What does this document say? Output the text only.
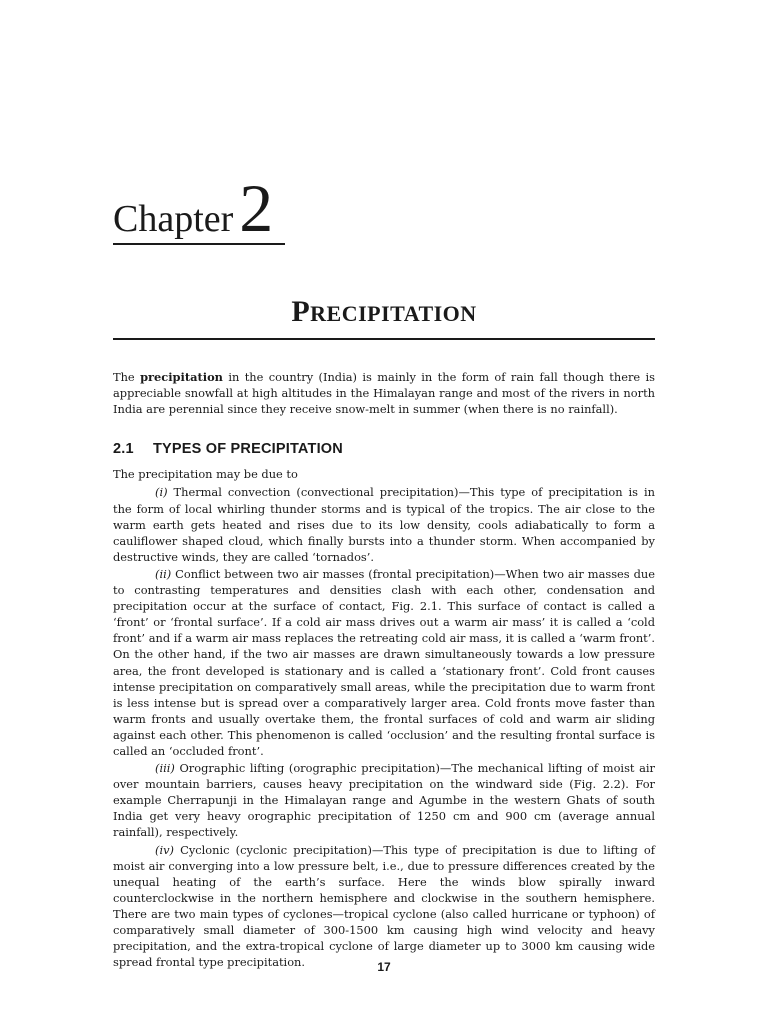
Chapter2
PRECIPITATION

The precipitation in the country (India) is mainly in the form of rain fall though there is appreciable snowfall at high altitudes in the Himalayan range and most of the rivers in north India are perennial since they receive snow-melt in summer (when there is no rainfall).

2.1 TYPES OF PRECIPITATION

The precipitation may be due to

(i) Thermal convection (convectional precipitation)—This type of precipitation is in the form of local whirling thunder storms and is typical of the tropics. The air close to the warm earth gets heated and rises due to its low density, cools adiabatically to form a cauliflower shaped cloud, which finally bursts into a thunder storm. When accompanied by destructive winds, they are called ‘tornados’.

(ii) Conflict between two air masses (frontal precipitation)—When two air masses due to contrasting temperatures and densities clash with each other, condensation and precipitation occur at the surface of contact, Fig. 2.1. This surface of contact is called a ‘front’ or ‘frontal surface’. If a cold air mass drives out a warm air mass’ it is called a ‘cold front’ and if a warm air mass replaces the retreating cold air mass, it is called a ‘warm front’. On the other hand, if the two air masses are drawn simultaneously towards a low pressure area, the front developed is stationary and is called a ‘stationary front’. Cold front causes intense precipitation on comparatively small areas, while the precipitation due to warm front is less intense but is spread over a comparatively larger area. Cold fronts move faster than warm fronts and usually overtake them, the frontal surfaces of cold and warm air sliding against each other. This phenomenon is called ‘occlusion’ and the resulting frontal surface is called an ‘occluded front’.

(iii) Orographic lifting (orographic precipitation)—The mechanical lifting of moist air over mountain barriers, causes heavy precipitation on the windward side (Fig. 2.2). For example Cherrapunji in the Himalayan range and Agumbe in the western Ghats of south India get very heavy orographic precipitation of 1250 cm and 900 cm (average annual rainfall), respectively.

(iv) Cyclonic (cyclonic precipitation)—This type of precipitation is due to lifting of moist air converging into a low pressure belt, i.e., due to pressure differences created by the unequal heating of the earth’s surface. Here the winds blow spirally inward counterclockwise in the northern hemisphere and clockwise in the southern hemisphere. There are two main types of cyclones—tropical cyclone (also called hurricane or typhoon) of comparatively small diameter of 300-1500 km causing high wind velocity and heavy precipitation, and the extra-tropical cyclone of large diameter up to 3000 km causing wide spread frontal type precipitation.	17
